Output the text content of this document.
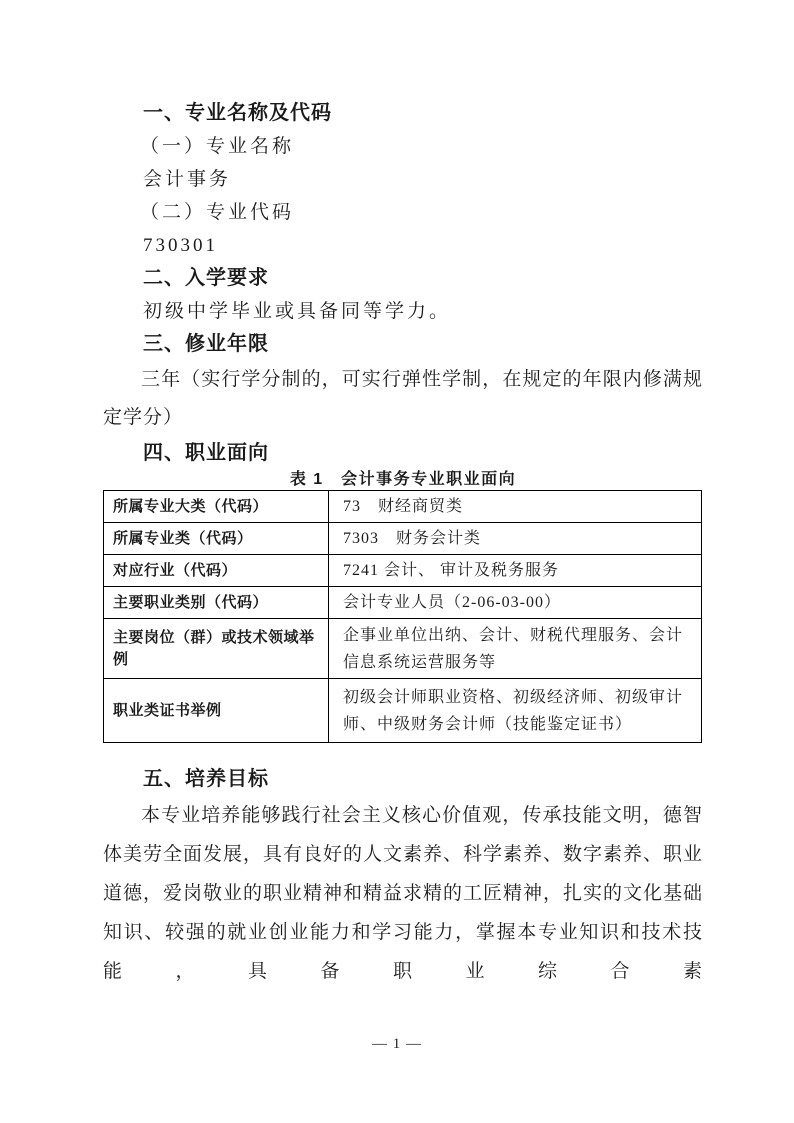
一、专业名称及代码
（一）专业名称
会计事务
（二）专业代码
730301
二、入学要求
初级中学毕业或具备同等学力。
三、修业年限
三年（实行学分制的，可实行弹性学制，在规定的年限内修满规定学分）
四、职业面向
表 1　会计事务专业职业面向
所属专业大类（代码）	73　财经商贸类
所属专业类（代码）	7303　财务会计类
对应行业（代码）	7241 会计、 审计及税务服务
主要职业类别（代码）	会计专业人员（2-06-03-00）
主要岗位（群）或技术领域举例	企事业单位出纳、会计、财税代理服务、会计信息系统运营服务等
职业类证书举例	初级会计师职业资格、初级经济师、初级审计师、中级财务会计师（技能鉴定证书）
五、培养目标
本专业培养能够践行社会主义核心价值观，传承技能文明，德智体美劳全面发展，具有良好的人文素养、科学素养、数字素养、职业道德，爱岗敬业的职业精神和精益求精的工匠精神，扎实的文化基础知识、较强的就业创业能力和学习能力，掌握本专业知识和技术技能，具备职业综合素
— 1 —
